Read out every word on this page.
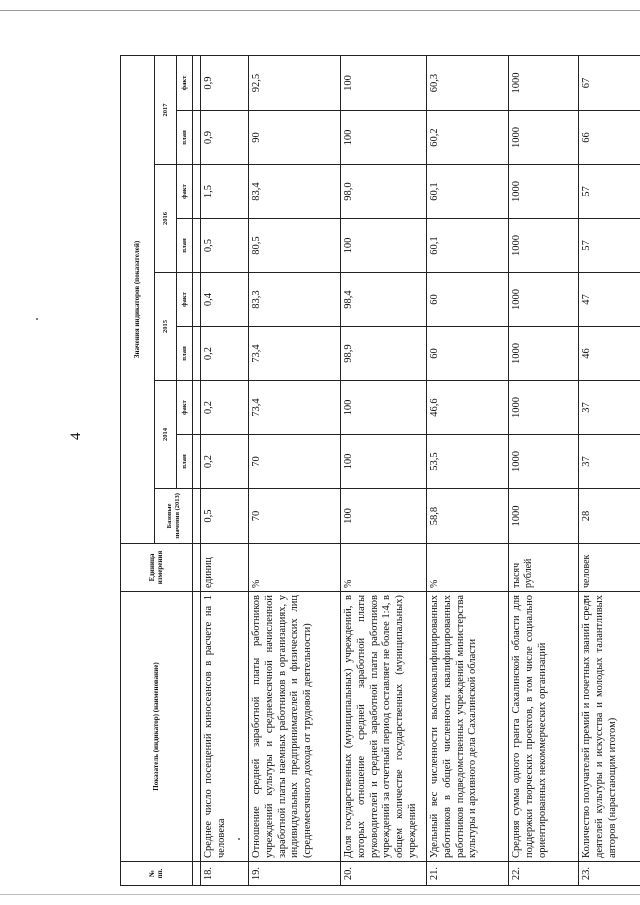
4
№ пп.	Показатель (индикатор) (наименование)	Единица измерения	Значения индикаторов (показателей)								
			Базовые значения (2013)	2014		2015		2016		2017	
				план	факт	план	факт	план	факт	план	факт

18.	Среднее число посещений киносеансов в расчете на 1 человека	единиц	0,5	0,2	0,2	0,2	0,4	0,5	1,5	0,9	0,9
19.	Отношение средней заработной платы работников учреждений культуры и среднемесячной начисленной заработной платы наемных работников в организациях, у индивидуальных предпринимателей и физических лиц (среднемесячного дохода от трудовой деятельности)	%	70	70	73,4	73,4	83,3	80,5	83,4	90	92,5
20.	Доля государственных (муниципальных) учреждений, в которых отношение средней заработной платы руководителей и средней заработной платы работников учреждений за отчетный период составляет не более 1:4, в общем количестве государственных (муниципальных) учреждений	%	100	100	100	98,9	98,4	100	98,0	100	100
21.	Удельный вес численности высококвалифицированных работников в общей численности квалифицированных работников подведомственных учреждений министерства культуры и архивного дела Сахалинской области	%	58,8	53,5	46,6	60	60	60,1	60,1	60,2	60,3
22.	Средняя сумма одного гранта Сахалинской области для поддержки творческих проектов, в том числе социально ориентированных некоммерческих организаций	тысяч рублей	1000	1000	1000	1000	1000	1000	1000	1000	1000
23.	Количество получателей премий и почетных званий среди деятелей культуры и искусства и молодых талантливых авторов (нарастающим итогом)	человек	28	37	37	46	47	57	57	66	67
